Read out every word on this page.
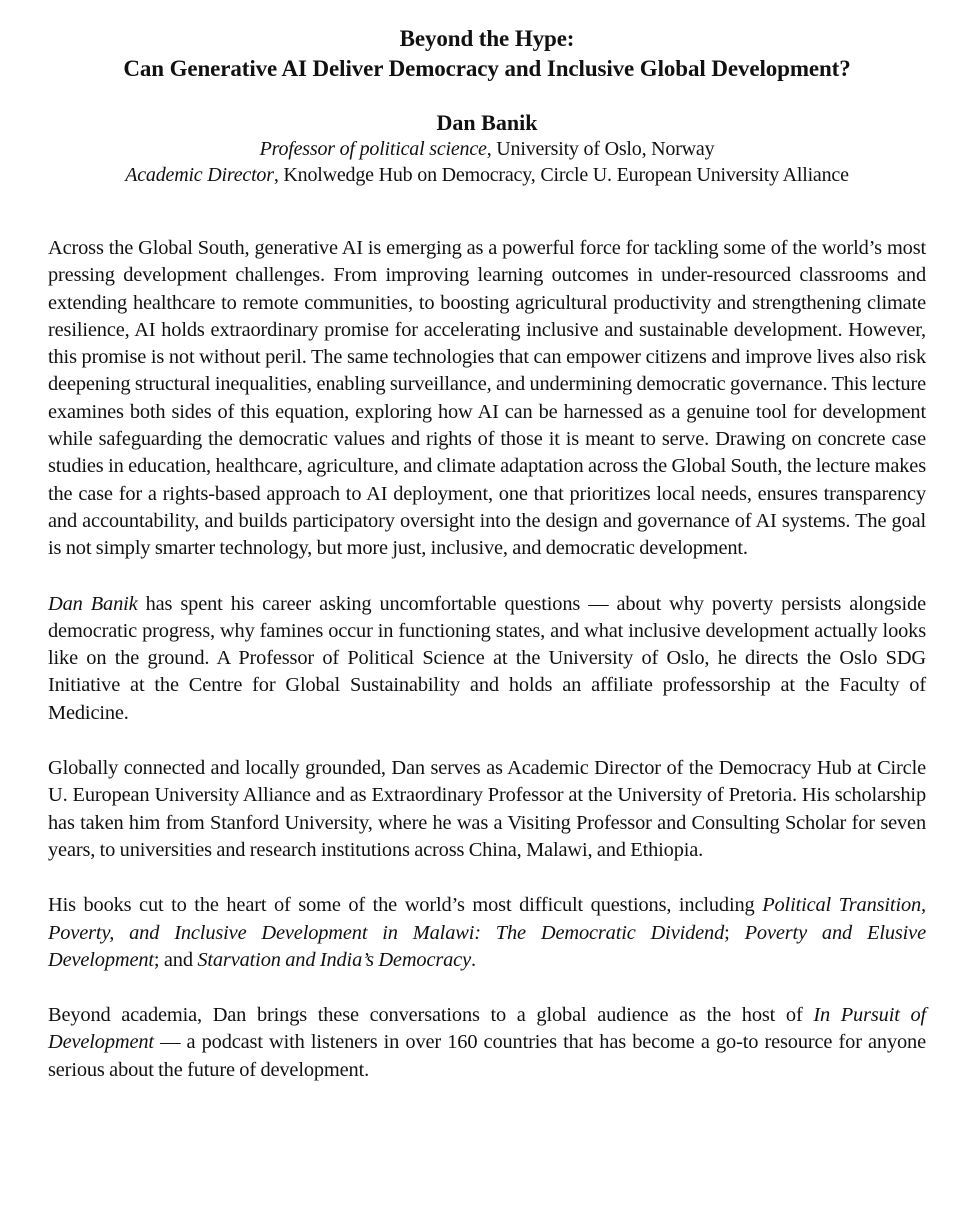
Beyond the Hype:
Can Generative AI Deliver Democracy and Inclusive Global Development?
Dan Banik
Professor of political science, University of Oslo, Norway
Academic Director, Knolwedge Hub on Democracy, Circle U. European University Alliance

Across the Global South, generative AI is emerging as a powerful force for tackling some of the world’s most pressing development challenges. From improving learning outcomes in under-resourced classrooms and extending healthcare to remote communities, to boosting agricultural productivity and strengthening climate resilience, AI holds extraordinary promise for accelerating inclusive and sustainable development. However, this promise is not without peril. The same technologies that can empower citizens and improve lives also risk deepening structural inequalities, enabling surveillance, and undermining democratic governance. This lecture examines both sides of this equation, exploring how AI can be harnessed as a genuine tool for development while safeguarding the democratic values and rights of those it is meant to serve. Drawing on concrete case studies in education, healthcare, agriculture, and climate adaptation across the Global South, the lecture makes the case for a rights-based approach to AI deployment, one that prioritizes local needs, ensures transparency and accountability, and builds participatory oversight into the design and governance of AI systems. The goal is not simply smarter technology, but more just, inclusive, and democratic development.

Dan Banik has spent his career asking uncomfortable questions — about why poverty persists alongside democratic progress, why famines occur in functioning states, and what inclusive development actually looks like on the ground. A Professor of Political Science at the University of Oslo, he directs the Oslo SDG Initiative at the Centre for Global Sustainability and holds an affiliate professorship at the Faculty of Medicine.

Globally connected and locally grounded, Dan serves as Academic Director of the Democracy Hub at Circle U. European University Alliance and as Extraordinary Professor at the University of Pretoria. His scholarship has taken him from Stanford University, where he was a Visiting Professor and Consulting Scholar for seven years, to universities and research institutions across China, Malawi, and Ethiopia.

His books cut to the heart of some of the world’s most difficult questions, including Political Transition, Poverty, and Inclusive Development in Malawi: The Democratic Dividend; Poverty and Elusive Development; and Starvation and India’s Democracy.

Beyond academia, Dan brings these conversations to a global audience as the host of In Pursuit of Development — a podcast with listeners in over 160 countries that has become a go-to resource for anyone serious about the future of development.
